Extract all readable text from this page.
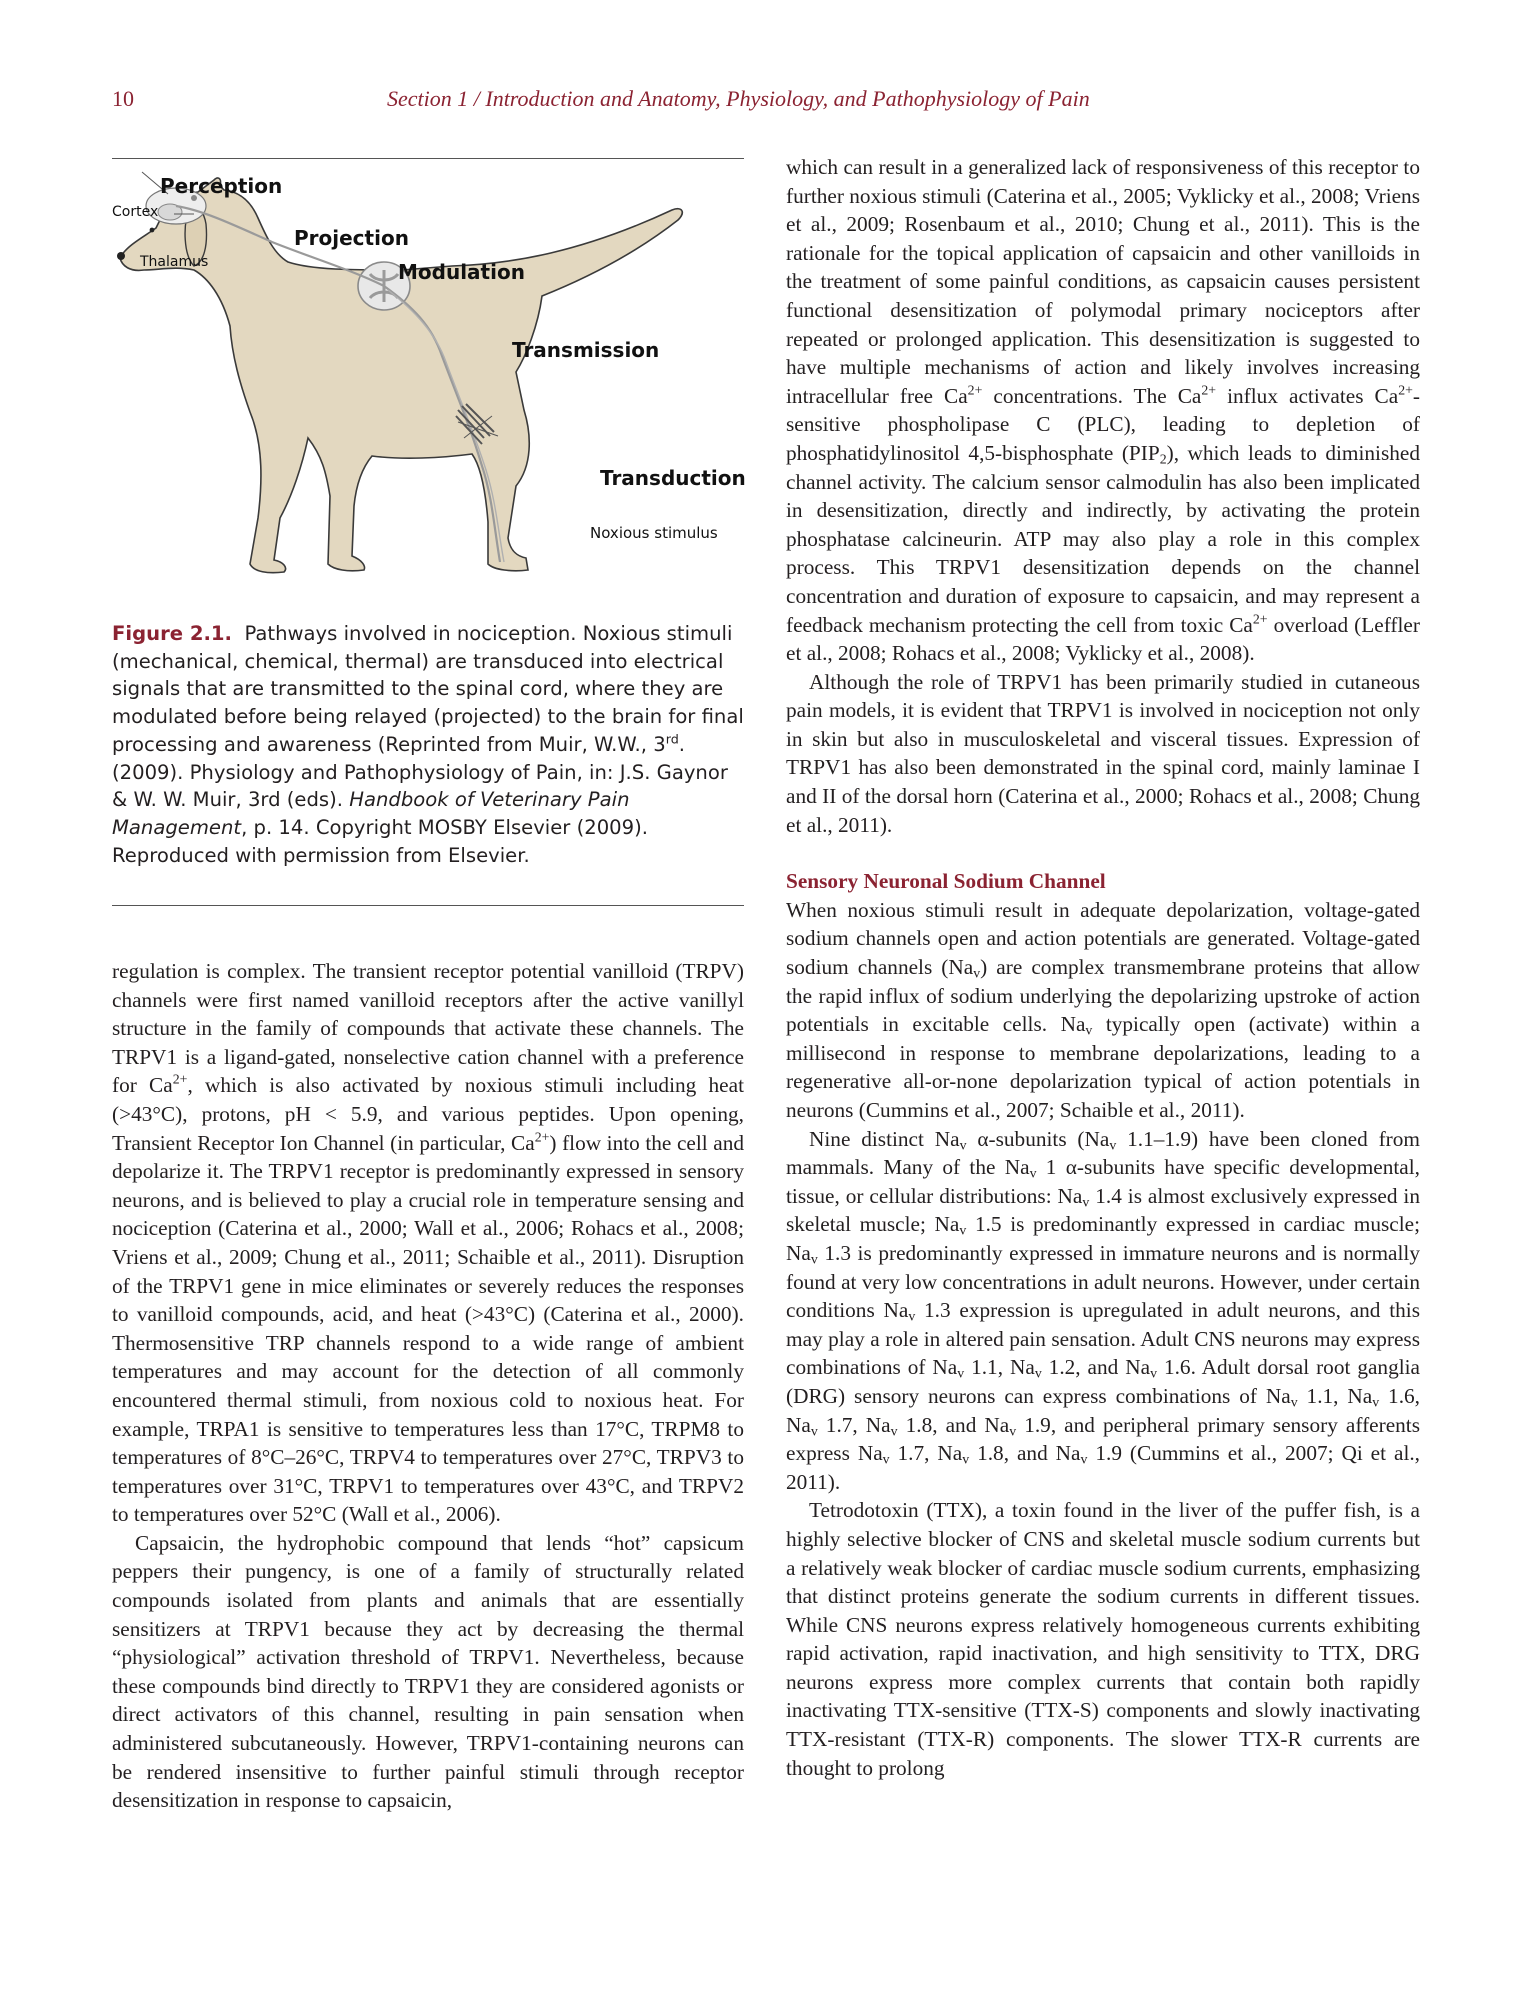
10	Section 1 / Introduction and Anatomy, Physiology, and Pathophysiology of Pain
Perception
Cortex
Thalamus
Projection
Modulation
Transmission
Transduction
Noxious stimulus
Figure 2.1. Pathways involved in nociception. Noxious stimuli (mechanical, chemical, thermal) are transduced into electrical signals that are transmitted to the spinal cord, where they are modulated before being relayed (projected) to the brain for final processing and awareness (Reprinted from Muir, W.W., 3rd. (2009). Physiology and Pathophysiology of Pain, in: J.S. Gaynor & W. W. Muir, 3rd (eds). Handbook of Veterinary Pain Management, p. 14. Copyright MOSBY Elsevier (2009). Reproduced with permission from Elsevier.

regulation is complex. The transient receptor potential vanilloid (TRPV) channels were first named vanilloid receptors after the active vanillyl structure in the family of compounds that activate these channels. The TRPV1 is a ligand-gated, nonselective cation channel with a preference for $Ca^{2+}$, which is also activated by noxious stimuli including heat (>43°C), protons, pH < 5.9, and various peptides. Upon opening, Transient Receptor Ion Channel (in particular, $Ca^{2+}$) flow into the cell and depolarize it. The TRPV1 receptor is predominantly expressed in sensory neurons, and is believed to play a crucial role in temperature sensing and nociception (Caterina et al., 2000; Wall et al., 2006; Rohacs et al., 2008; Vriens et al., 2009; Chung et al., 2011; Schaible et al., 2011). Disruption of the TRPV1 gene in mice eliminates or severely reduces the responses to vanilloid compounds, acid, and heat (>43°C) (Caterina et al., 2000). Thermosensitive TRP channels respond to a wide range of ambient temperatures and may account for the detection of all commonly encountered thermal stimuli, from noxious cold to noxious heat. For example, TRPA1 is sensitive to temperatures less than 17°C, TRPM8 to temperatures of 8°C–26°C, TRPV4 to temperatures over 27°C, TRPV3 to temperatures over 31°C, TRPV1 to temperatures over 43°C, and TRPV2 to temperatures over 52°C (Wall et al., 2006).

Capsaicin, the hydrophobic compound that lends “hot” capsicum peppers their pungency, is one of a family of structurally related compounds isolated from plants and animals that are essentially sensitizers at TRPV1 because they act by decreasing the thermal “physiological” activation threshold of TRPV1. Nevertheless, because these compounds bind directly to TRPV1 they are considered agonists or direct activators of this channel, resulting in pain sensation when administered subcutaneously. However, TRPV1-containing neurons can be rendered insensitive to further painful stimuli through receptor desensitization in response to capsaicin,

which can result in a generalized lack of responsiveness of this receptor to further noxious stimuli (Caterina et al., 2005; Vyklicky et al., 2008; Vriens et al., 2009; Rosenbaum et al., 2010; Chung et al., 2011). This is the rationale for the topical application of capsaicin and other vanilloids in the treatment of some painful conditions, as capsaicin causes persistent functional desensitization of polymodal primary nociceptors after repeated or prolonged application. This desensitization is suggested to have multiple mechanisms of action and likely involves increasing intracellular free $Ca^{2+}$ concentrations. The $Ca^{2+}$ influx activates $Ca^{2+}$-sensitive phospholipase C (PLC), leading to depletion of phosphatidylinositol 4,5-bisphosphate $(PIP_2)$, which leads to diminished channel activity. The calcium sensor calmodulin has also been implicated in desensitization, directly and indirectly, by activating the protein phosphatase calcineurin. ATP may also play a role in this complex process. This TRPV1 desensitization depends on the channel concentration and duration of exposure to capsaicin, and may represent a feedback mechanism protecting the cell from toxic $Ca^{2+}$ overload (Leffler et al., 2008; Rohacs et al., 2008; Vyklicky et al., 2008).

Although the role of TRPV1 has been primarily studied in cutaneous pain models, it is evident that TRPV1 is involved in nociception not only in skin but also in musculoskeletal and visceral tissues. Expression of TRPV1 has also been demonstrated in the spinal cord, mainly laminae I and II of the dorsal horn (Caterina et al., 2000; Rohacs et al., 2008; Chung et al., 2011).

Sensory Neuronal Sodium Channel

When noxious stimuli result in adequate depolarization, voltage-gated sodium channels open and action potentials are generated. Voltage-gated sodium channels $(Na_v)$ are complex transmembrane proteins that allow the rapid influx of sodium underlying the depolarizing upstroke of action potentials in excitable cells. $Na_v$ typically open (activate) within a millisecond in response to membrane depolarizations, leading to a regenerative all-or-none depolarization typical of action potentials in neurons (Cummins et al., 2007; Schaible et al., 2011).

Nine distinct $Na_v$ α-subunits ($Na_v$ 1.1–1.9) have been cloned from mammals. Many of the $Na_v$ 1 α-subunits have specific developmental, tissue, or cellular distributions: $Na_v$ 1.4 is almost exclusively expressed in skeletal muscle; $Na_v$ 1.5 is predominantly expressed in cardiac muscle; $Na_v$ 1.3 is predominantly expressed in immature neurons and is normally found at very low concentrations in adult neurons. However, under certain conditions $Na_v$ 1.3 expression is upregulated in adult neurons, and this may play a role in altered pain sensation. Adult CNS neurons may express combinations of $Na_v$ 1.1, $Na_v$ 1.2, and $Na_v$ 1.6. Adult dorsal root ganglia (DRG) sensory neurons can express combinations of $Na_v$ 1.1, $Na_v$ 1.6, $Na_v$ 1.7, $Na_v$ 1.8, and $Na_v$ 1.9, and peripheral primary sensory afferents express $Na_v$ 1.7, $Na_v$ 1.8, and $Na_v$ 1.9 (Cummins et al., 2007; Qi et al., 2011).

Tetrodotoxin (TTX), a toxin found in the liver of the puffer fish, is a highly selective blocker of CNS and skeletal muscle sodium currents but a relatively weak blocker of cardiac muscle sodium currents, emphasizing that distinct proteins generate the sodium currents in different tissues. While CNS neurons express relatively homogeneous currents exhibiting rapid activation, rapid inactivation, and high sensitivity to TTX, DRG neurons express more complex currents that contain both rapidly inactivating TTX-sensitive (TTX-S) components and slowly inactivating TTX-resistant (TTX-R) components. The slower TTX-R currents are thought to prolong
